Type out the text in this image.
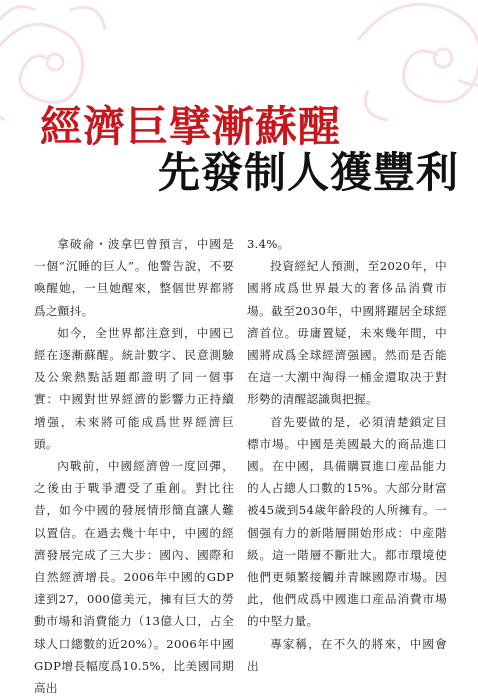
經濟巨擘漸蘇醒
先發制人獲豐利

拿破侖・波拿巴曾預言，中國是一個“沉睡的巨人”。他警告說，不要喚醒她，一旦她醒來，整個世界都將爲之顫抖。

如今，全世界都注意到，中國已經在逐漸蘇醒。統計數字、民意測驗及公衆熱點話題都證明了同一個事實：中國對世界經濟的影響力正持續增强，未來將可能成爲世界經濟巨頭。

內戰前，中國經濟曾一度回彈，之後由于戰爭遭受了重創。對比往昔，如今中國的發展情形簡直讓人難以置信。在過去幾十年中，中國的經濟發展完成了三大步：國內、國際和自然經濟增長。2006年中國的GDP達到27，000億美元，擁有巨大的勞動市場和消費能力（13億人口，占全球人口總數的近20%）。2006年中國GDP增長幅度爲10.5%，比美國同期高出

3.4%。

投資經紀人預測，至2020年，中國將成爲世界最大的奢侈品消費市場。截至2030年，中國將躍居全球經濟首位。毋庸置疑，未來幾年間，中國將成爲全球經濟强國。然而是否能在這一大潮中淘得一桶金還取决于對形勢的清醒認識與把握。

首先要做的是，必須清楚鎖定目標市場。中國是美國最大的商品進口國。在中國，具備購買進口産品能力的人占總人口數的15%。大部分財富被45歲到54歲年齡段的人所擁有。一個强有力的新階層開始形成：中産階級。這一階層不斷壯大。都市環境使他們更頻繁接觸并青睞國際市場。因此，他們成爲中國進口産品消費市場的中堅力量。

專家稱，在不久的將來，中國會出
